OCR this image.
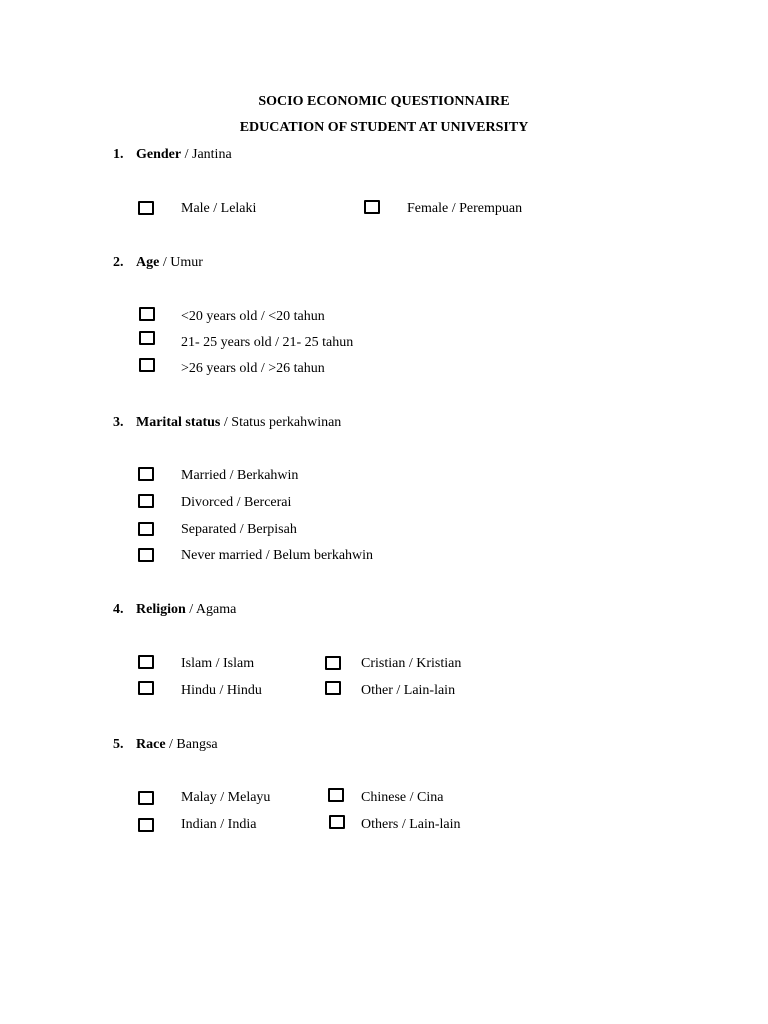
SOCIO ECONOMIC QUESTIONNAIRE
EDUCATION OF STUDENT AT UNIVERSITY
1. Gender / Jantina
Male / Lelaki	Female / Perempuan
2. Age / Umur
<20 years old / <20 tahun
21- 25 years old / 21- 25 tahun
>26 years old / >26 tahun
3. Marital status / Status perkahwinan
Married / Berkahwin
Divorced / Bercerai
Separated / Berpisah
Never married / Belum berkahwin
4. Religion / Agama
Islam / Islam	Cristian / Kristian
Hindu / Hindu	Other / Lain-lain
5. Race / Bangsa
Malay / Melayu	Chinese / Cina
Indian / India	Others / Lain-lain
